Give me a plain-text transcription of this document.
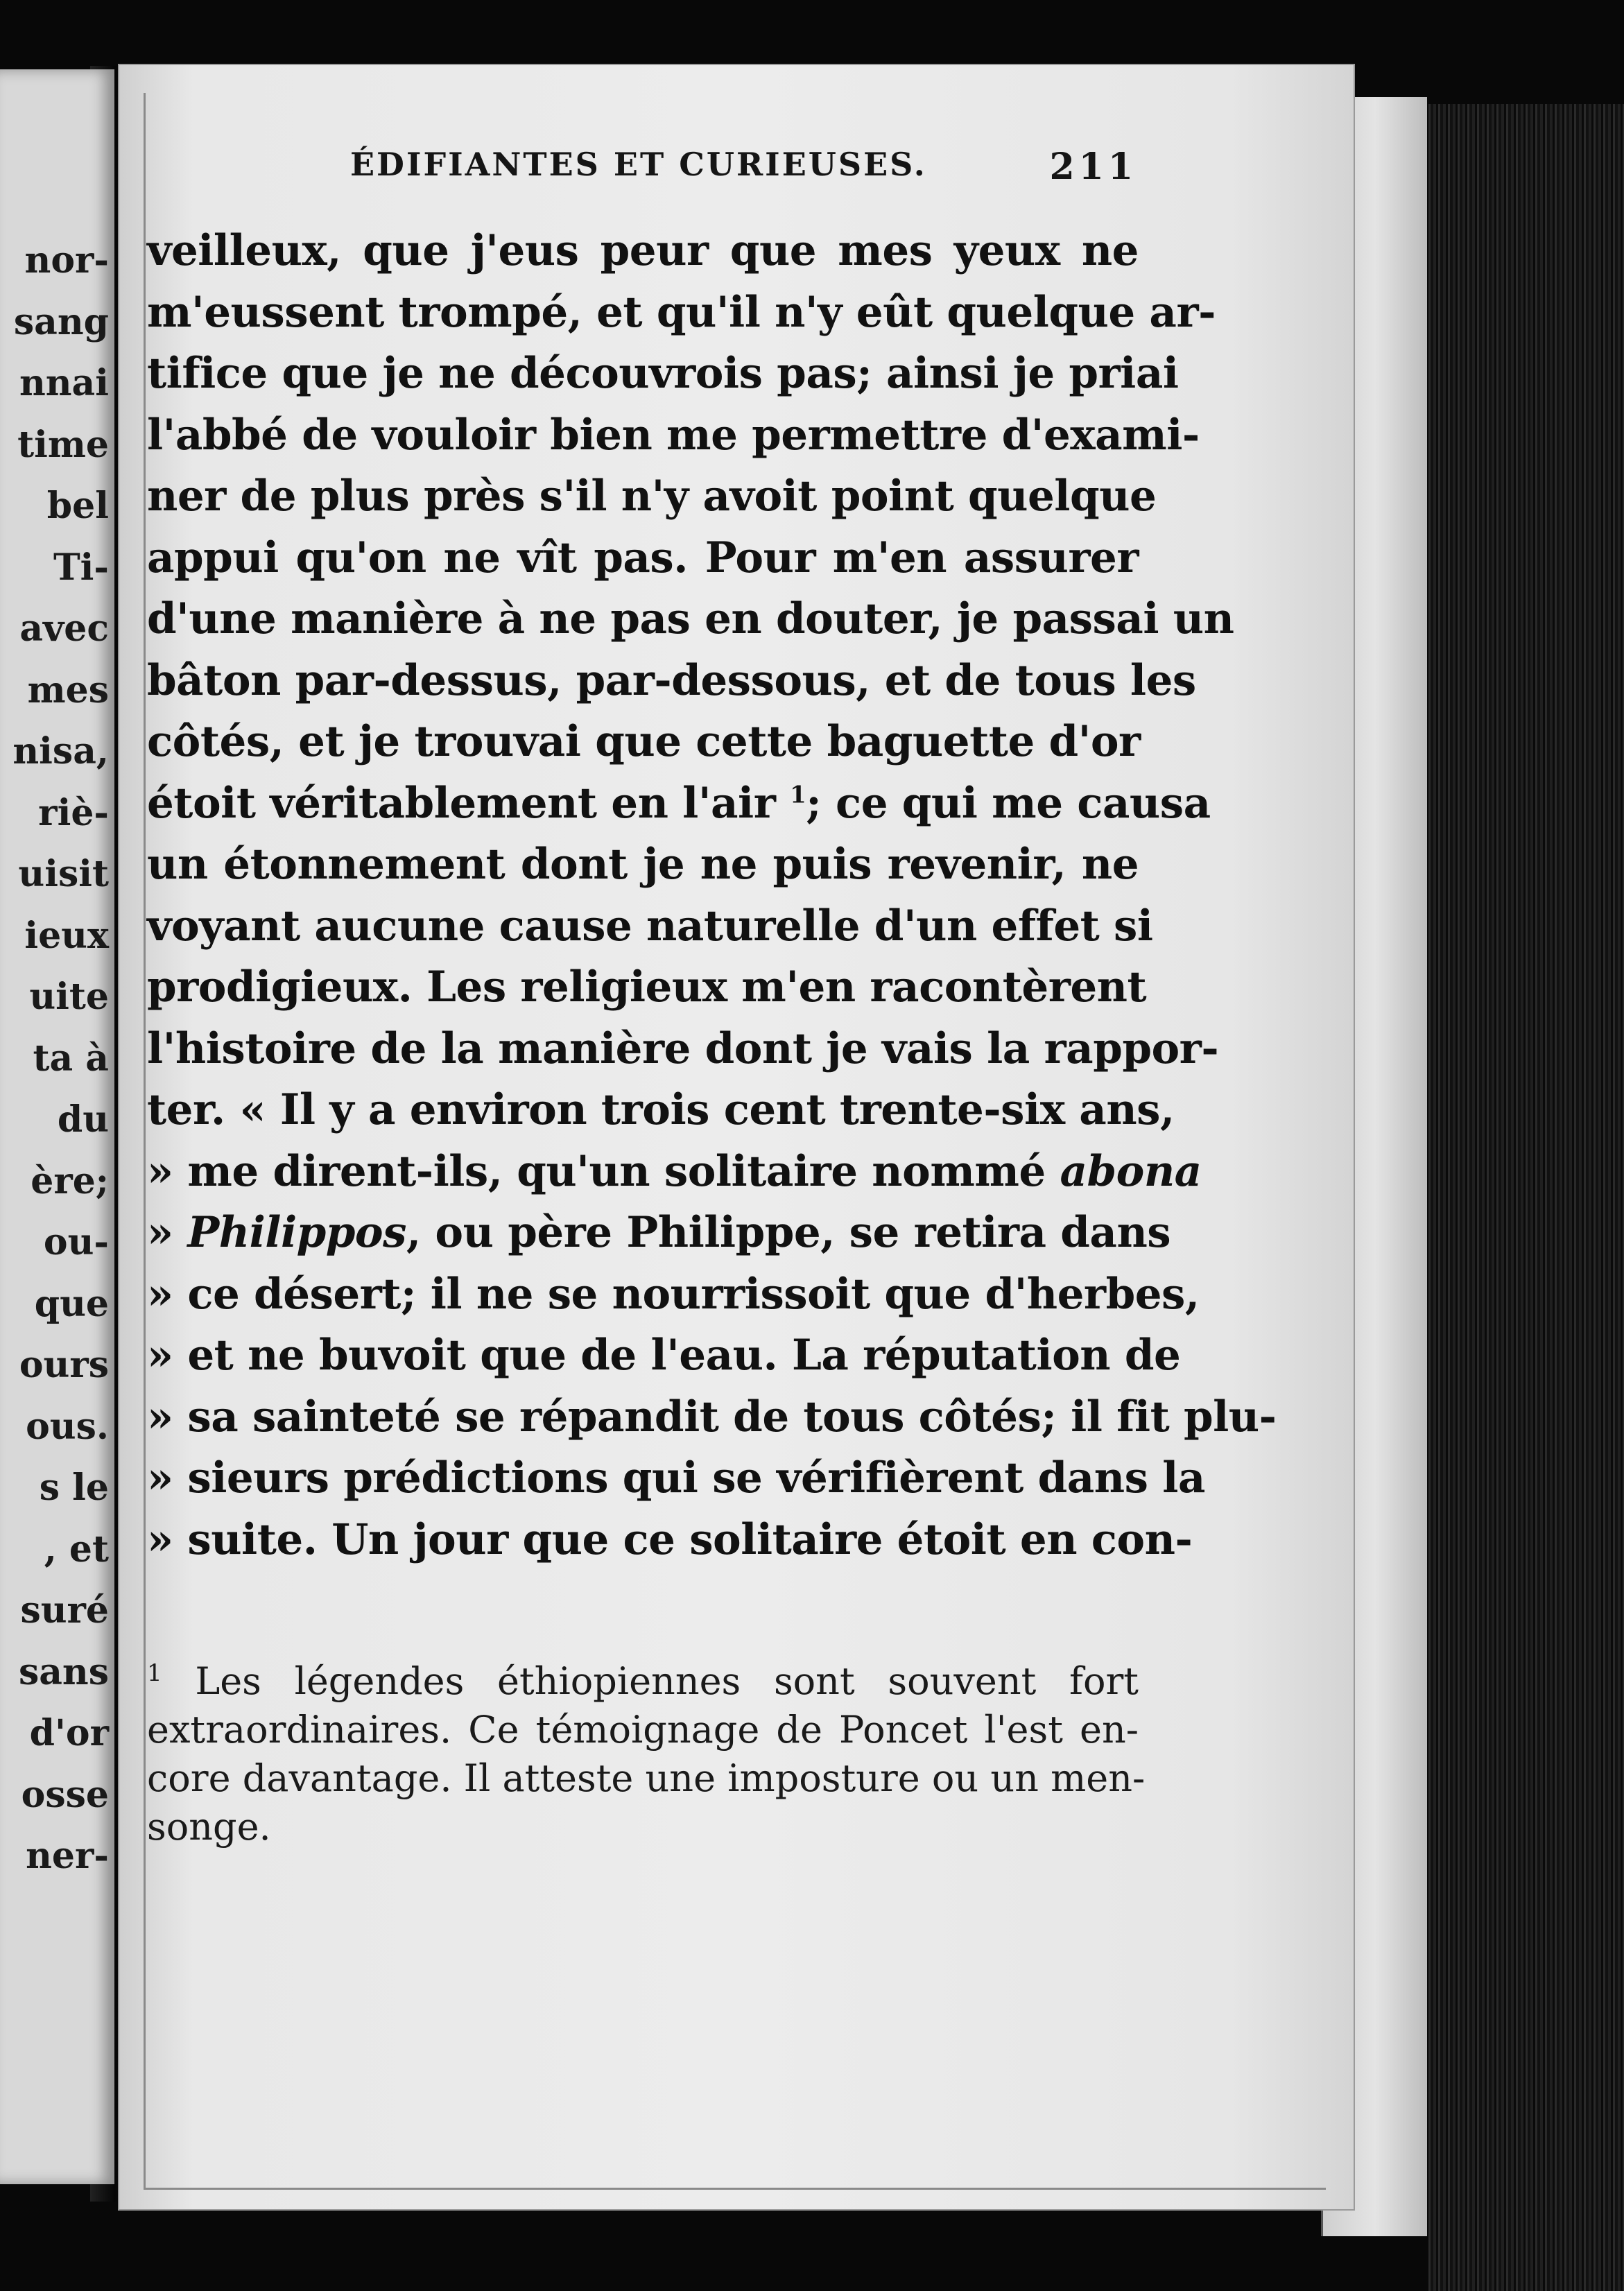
nor-
sang
nnai
time
bel
Ti-
avec
mes
nisa,
riè-
uisit
ieux
uite
ta à
du
ère;
ou-
que
ours
ous.
s le
, et
suré
sans
d'or
osse
ner-
ÉDIFIANTES ET CURIEUSES.	211
veilleux, que j'eus peur que mes yeux ne
m'eussent trompé, et qu'il n'y eût quelque ar-
tifice que je ne découvrois pas; ainsi je priai
l'abbé de vouloir bien me permettre d'exami-
ner de plus près s'il n'y avoit point quelque
appui qu'on ne vît pas. Pour m'en assurer
d'une manière à ne pas en douter, je passai un
bâton par-dessus, par-dessous, et de tous les
côtés, et je trouvai que cette baguette d'or
étoit véritablement en l'air $^1$; ce qui me causa
un étonnement dont je ne puis revenir, ne
voyant aucune cause naturelle d'un effet si
prodigieux. Les religieux m'en racontèrent
l'histoire de la manière dont je vais la rappor-
ter. « Il y a environ trois cent trente-six ans,
» me dirent-ils, qu'un solitaire nommé abona
» Philippos, ou père Philippe, se retira dans
» ce désert; il ne se nourrissoit que d'herbes,
» et ne buvoit que de l'eau. La réputation de
» sa sainteté se répandit de tous côtés; il fit plu-
» sieurs prédictions qui se vérifièrent dans la
» suite. Un jour que ce solitaire étoit en con-
$^1$ Les légendes éthiopiennes sont souvent fort
extraordinaires. Ce témoignage de Poncet l'est en-
core davantage. Il atteste une imposture ou un men-
songe.
